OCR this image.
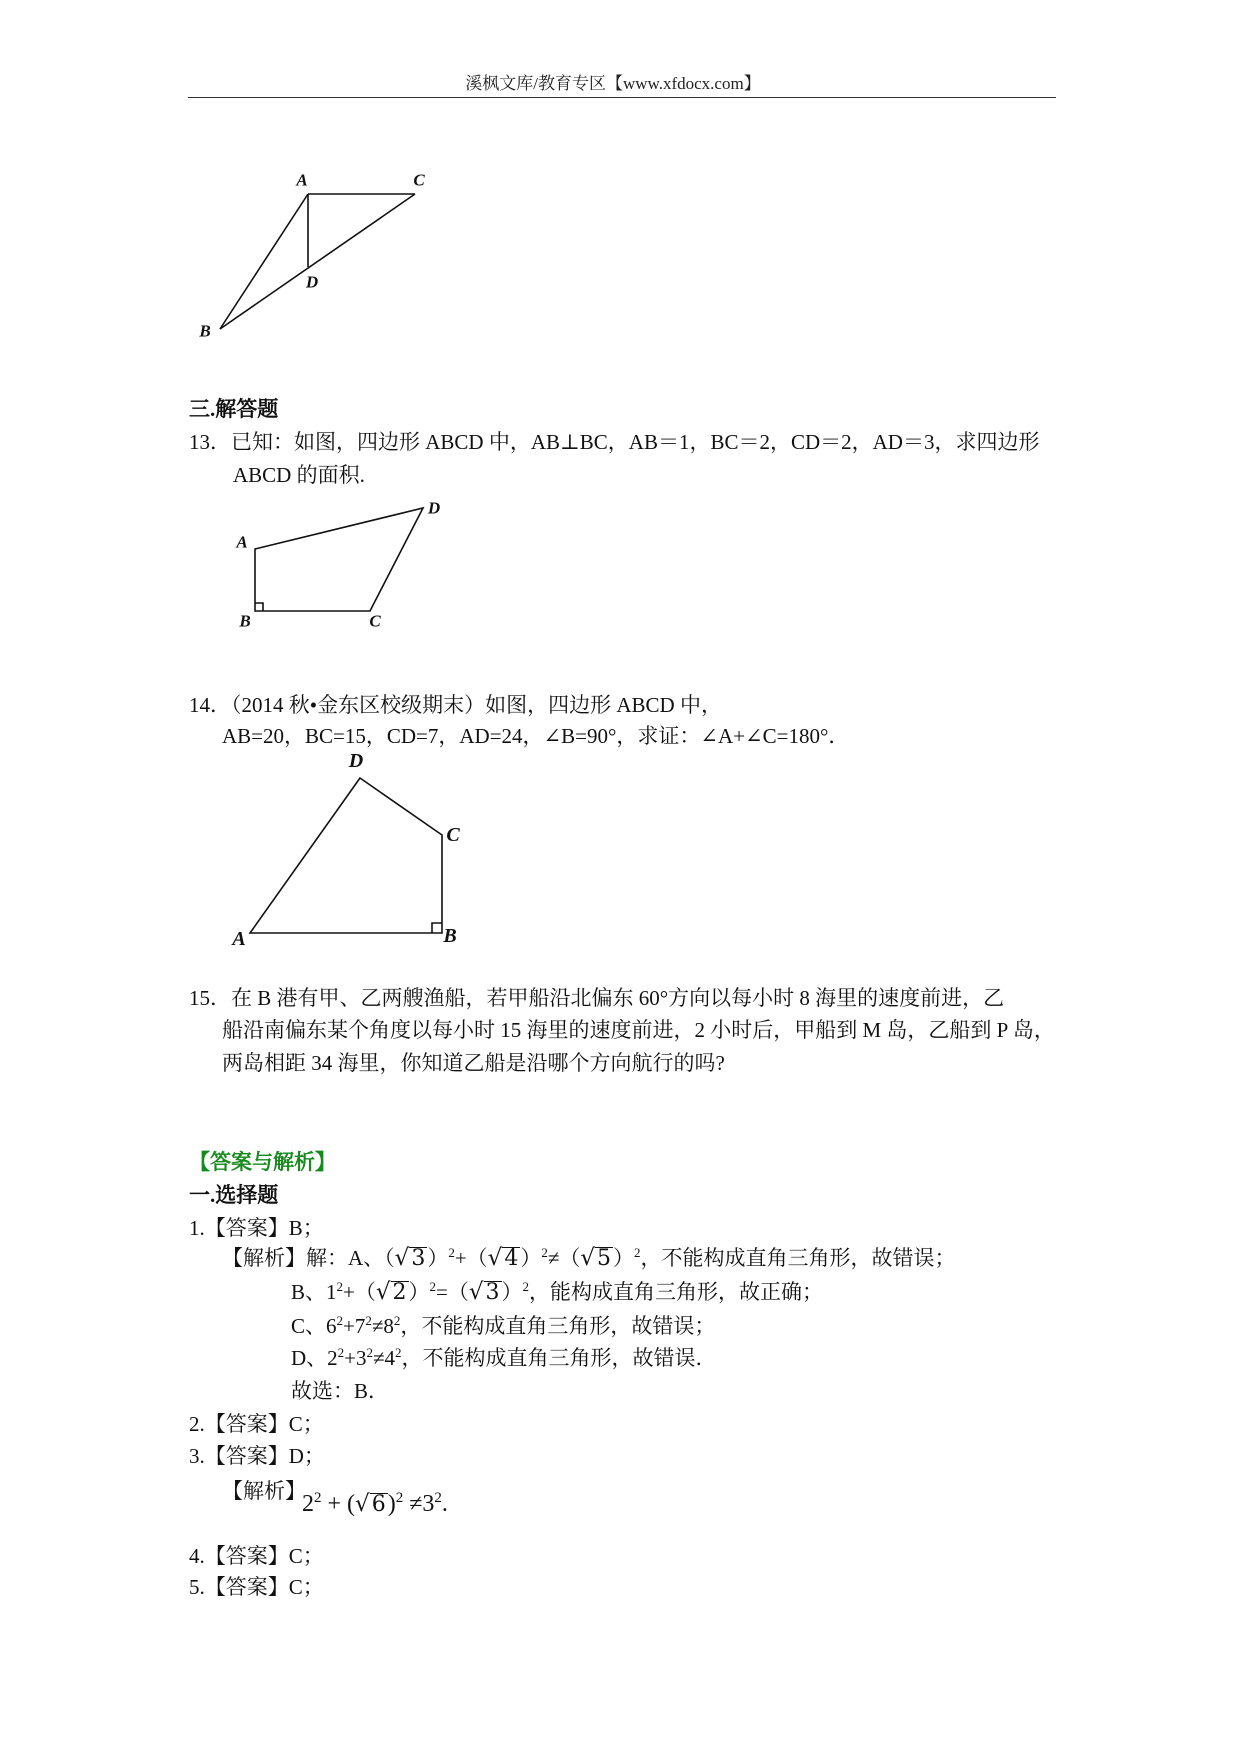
溪枫文库/教育专区【www.xfdocx.com】
A	C
D
B
三.解答题
13．已知：如图，四边形 ABCD 中，AB⊥BC，AB＝1，BC＝2，CD＝2，AD＝3，求四边形
ABCD 的面积.
A
D
C
B
14．（2014 秋•金东区校级期末）如图，四边形 ABCD 中，
AB=20，BC=15，CD=7，AD=24，∠B=90°，求证：∠A+∠C=180°．
D
C
B
A
15．在 B 港有甲、乙两艘渔船，若甲船沿北偏东 60°方向以每小时 8 海里的速度前进，乙
船沿南偏东某个角度以每小时 15 海里的速度前进，2 小时后，甲船到 M 岛，乙船到 P 岛，
两岛相距 34 海里，你知道乙船是沿哪个方向航行的吗?
【答案与解析】
一.选择题
1.【答案】B；
【解析】解：A、$(√3)^2+(√4)^2\ne(√5)^2$，不能构成直角三角形，故错误；
B、$1^2+(√2)^2=(√3)^2$，能构成直角三角形，故正确；
C、$6^2+7^2\ne 8^2$，不能构成直角三角形，故错误；
D、$2^2+3^2\ne 4^2$，不能构成直角三角形，故错误．
故选：B．
2.【答案】C；
3.【答案】D；
【解析】
$2^2 + (√6)^2 \ne 3^2$.
4.【答案】C；
5.【答案】C；
